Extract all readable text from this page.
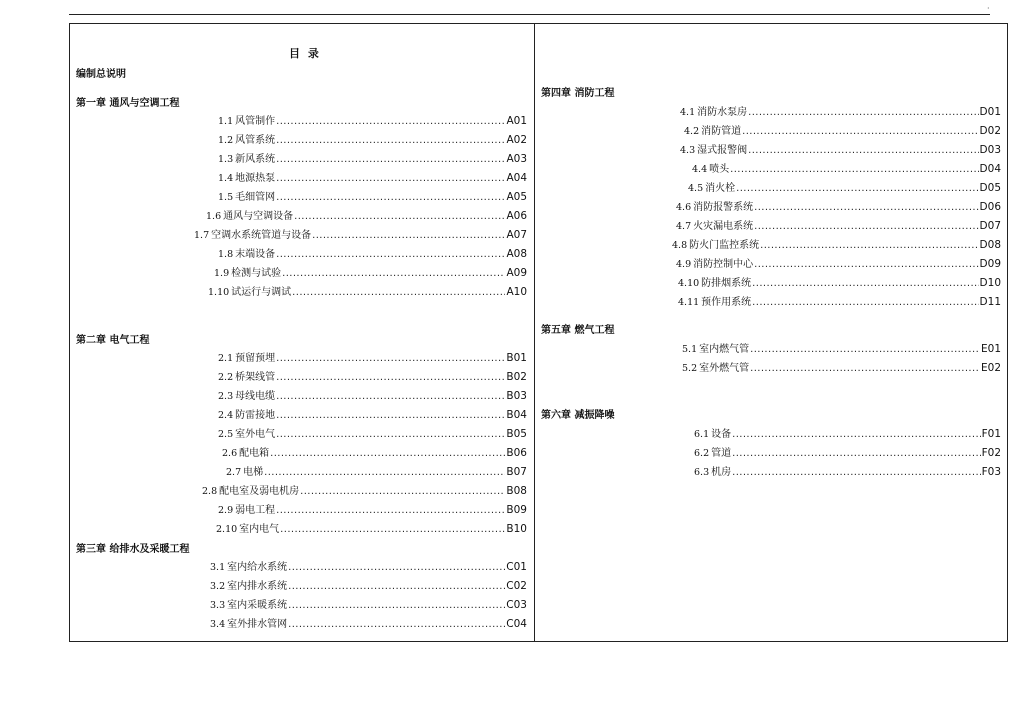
·
目 录
编制总说明
第一章 通风与空调工程
1.1 风管制作 .....	A01
1.2 风管系统 .....	A02
1.3 新风系统 .....	A03
1.4 地源热泵 .....	A04
1.5 毛细管网 .....	A05
1.6 通风与空调设备 .....	A06
1.7 空调水系统管道与设备 .....	A07
1.8 末端设备 .....	A08
1.9 检测与试验 .....	A09
1.10 试运行与调试 .....	A10
第二章 电气工程
2.1 预留预埋 .....	B01
2.2 桥架线管 .....	B02
2.3 母线电缆 .....	B03
2.4 防雷接地 .....	B04
2.5 室外电气 .....	B05
2.6 配电箱 .....	B06
2.7 电梯 .....	B07
2.8 配电室及弱电机房 .....	B08
2.9 弱电工程 .....	B09
2.10 室内电气 .....	B10
第三章 给排水及采暖工程
3.1 室内给水系统 .....	C01
3.2 室内排水系统 .....	C02
3.3 室内采暖系统 .....	C03
3.4 室外排水管网 .....	C04
第四章 消防工程
4.1 消防水泵房 .....	D01
4.2 消防管道 .....	D02
4.3 湿式报警阀 .....	D03
4.4 喷头 .....	D04
4.5 消火栓 .....	D05
4.6 消防报警系统 .....	D06
4.7 火灾漏电系统 .....	D07
4.8 防火门监控系统 .....	D08
4.9 消防控制中心 .....	D09
4.10 防排烟系统 .....	D10
4.11 预作用系统 .....	D11
第五章 燃气工程
5.1 室内燃气管 .....	E01
5.2 室外燃气管 .....	E02
第六章 减振降噪
6.1 设备 .....	F01
6.2 管道 .....	F02
6.3 机房 .....	F03
